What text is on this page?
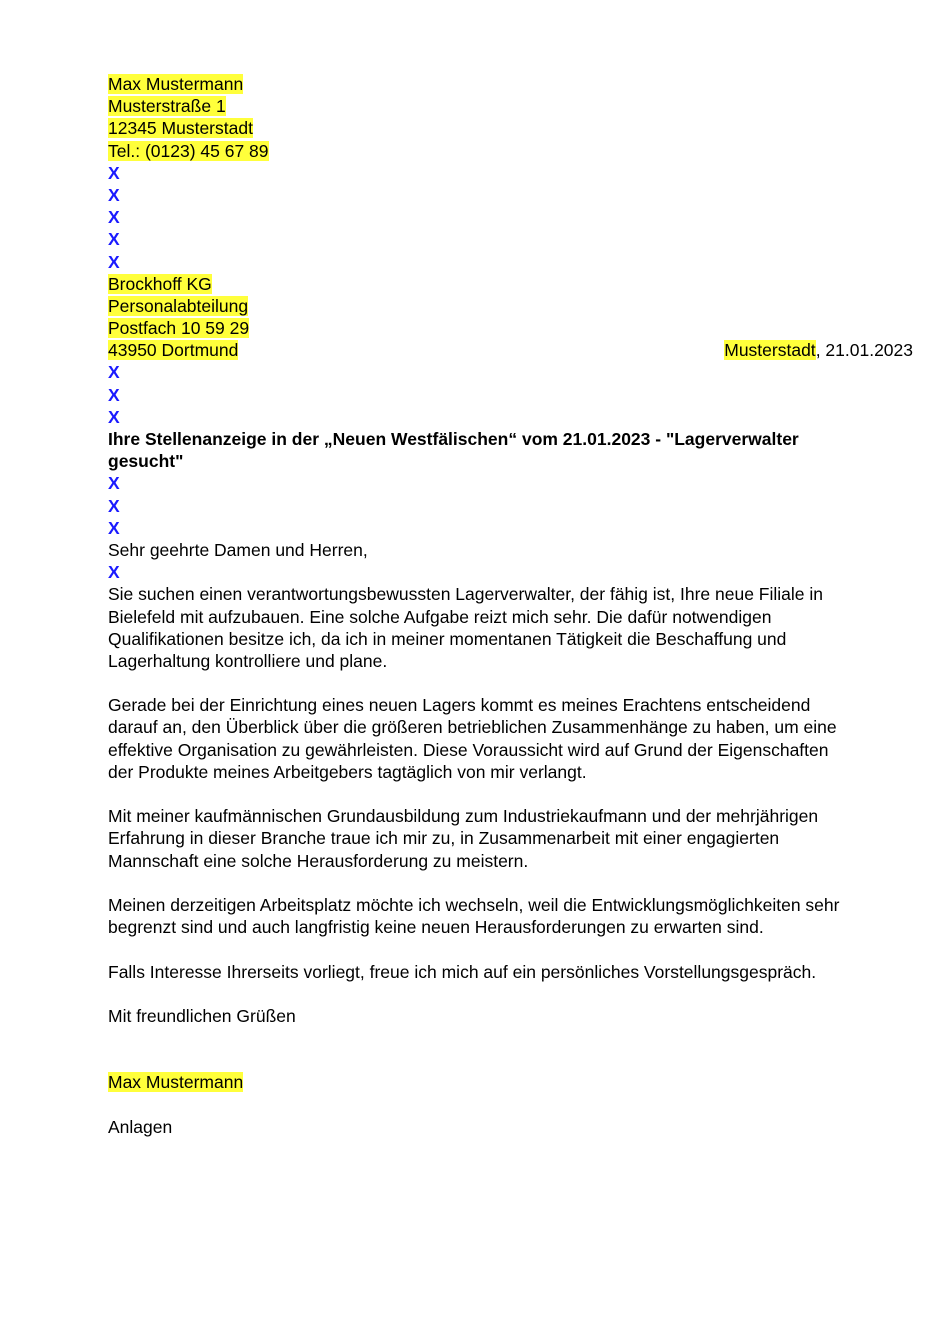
Max Mustermann
Musterstraße 1
12345 Musterstadt
Tel.: (0123) 45 67 89
X
X
X
X
X
Brockhoff KG
Personalabteilung
Postfach 10 59 29
43950 Dortmund	Musterstadt, 21.01.2023
X
X
X
Ihre Stellenanzeige in der „Neuen Westfälischen“ vom 21.01.2023 - "Lagerverwalter
gesucht"
X
X
X
Sehr geehrte Damen und Herren,
X
Sie suchen einen verantwortungsbewussten Lagerverwalter, der fähig ist, Ihre neue Filiale in
Bielefeld mit aufzubauen. Eine solche Aufgabe reizt mich sehr. Die dafür notwendigen
Qualifikationen besitze ich, da ich in meiner momentanen Tätigkeit die Beschaffung und
Lagerhaltung kontrolliere und plane.
Gerade bei der Einrichtung eines neuen Lagers kommt es meines Erachtens entscheidend
darauf an, den Überblick über die größeren betrieblichen Zusammenhänge zu haben, um eine
effektive Organisation zu gewährleisten. Diese Voraussicht wird auf Grund der Eigenschaften
der Produkte meines Arbeitgebers tagtäglich von mir verlangt.
Mit meiner kaufmännischen Grundausbildung zum Industriekaufmann und der mehrjährigen
Erfahrung in dieser Branche traue ich mir zu, in Zusammenarbeit mit einer engagierten
Mannschaft eine solche Herausforderung zu meistern.
Meinen derzeitigen Arbeitsplatz möchte ich wechseln, weil die Entwicklungsmöglichkeiten sehr
begrenzt sind und auch langfristig keine neuen Herausforderungen zu erwarten sind.
Falls Interesse Ihrerseits vorliegt, freue ich mich auf ein persönliches Vorstellungsgespräch.
Mit freundlichen Grüßen
Max Mustermann
Anlagen
